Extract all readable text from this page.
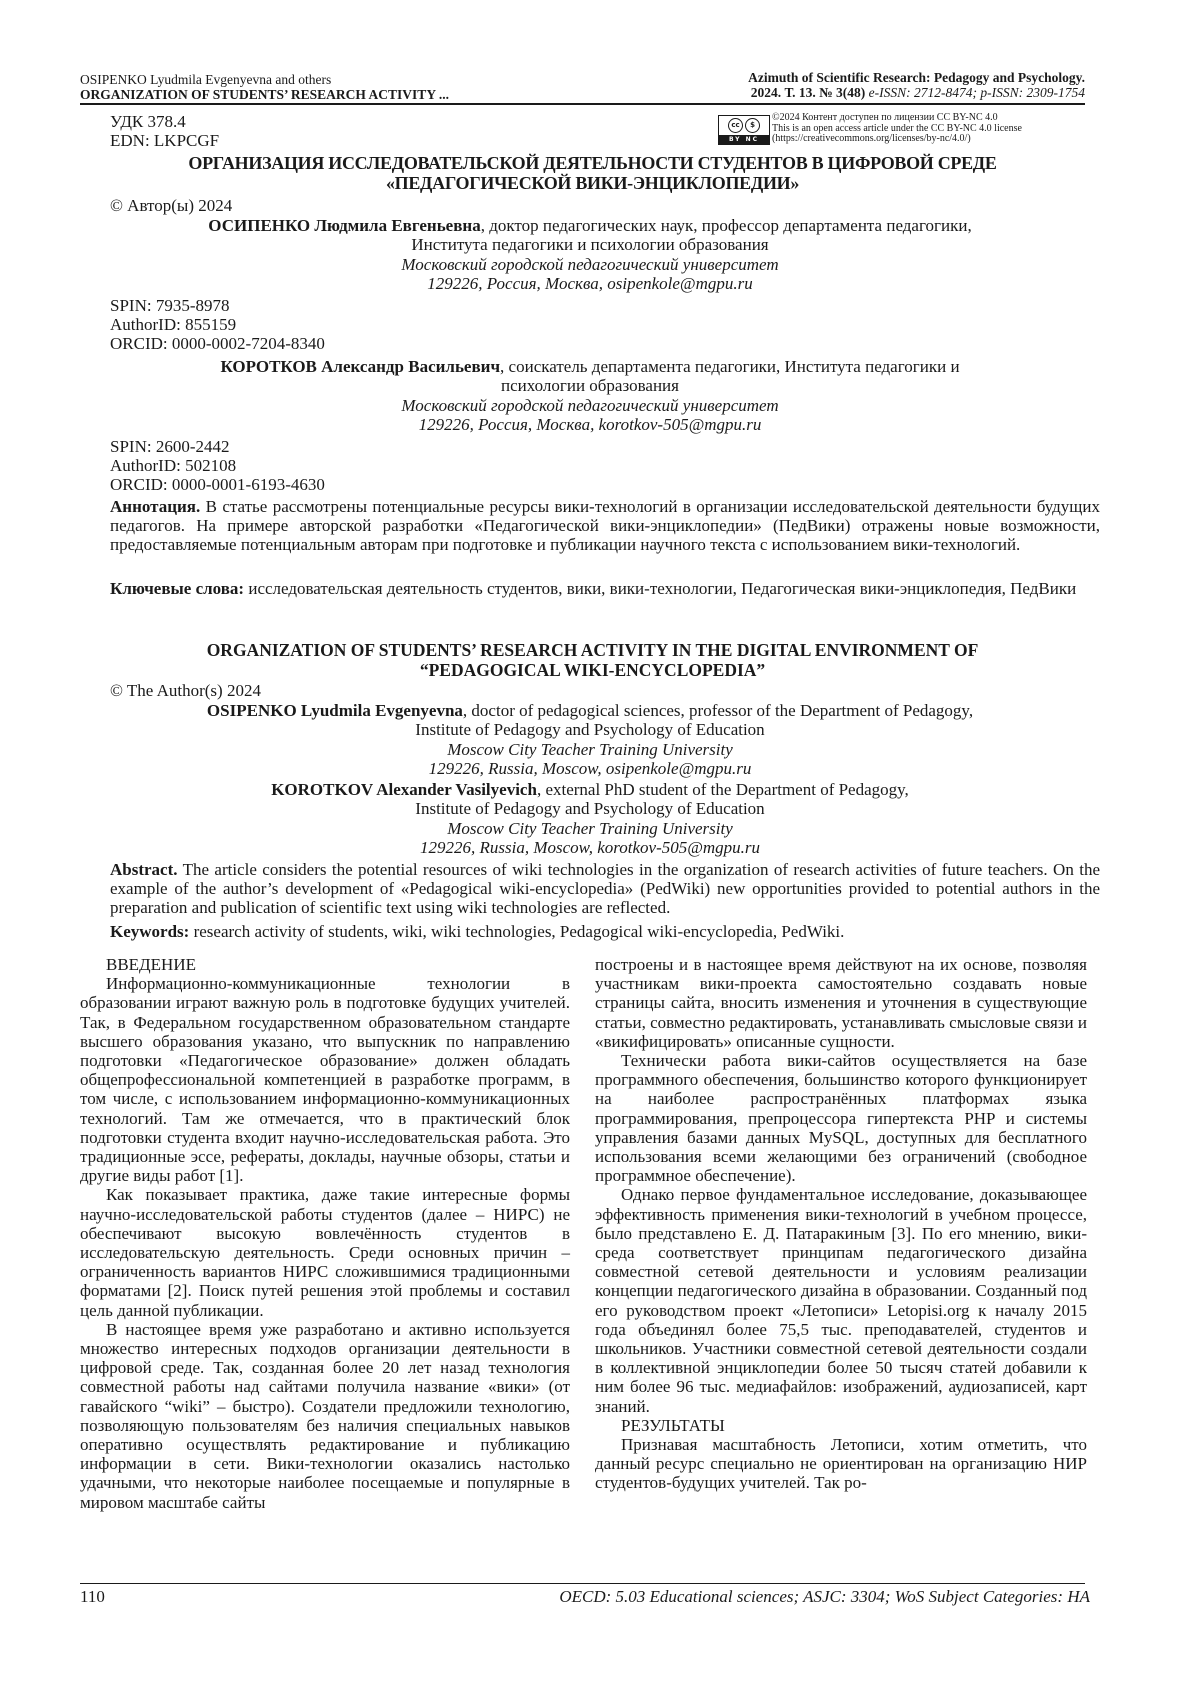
OSIPENKO Lyudmila Evgenyevna and others
ORGANIZATION OF STUDENTS’ RESEARCH ACTIVITY ...
Azimuth of Scientific Research: Pedagogy and Psychology.
2024. Т. 13. № 3(48) e-ISSN: 2712-8474; p-ISSN: 2309-1754
УДК 378.4
EDN: LKPCGF
cc	$
BY NC
©2024 Контент доступен по лицензии CC BY-NC 4.0
This is an open access article under the CC BY-NC 4.0 license
(https://creativecommons.org/licenses/by-nc/4.0/)
ОРГАНИЗАЦИЯ ИССЛЕДОВАТЕЛЬСКОЙ ДЕЯТЕЛЬНОСТИ СТУДЕНТОВ В ЦИФРОВОЙ СРЕДЕ
«ПЕДАГОГИЧЕСКОЙ ВИКИ-ЭНЦИКЛОПЕДИИ»
© Автор(ы) 2024
ОСИПЕНКО Людмила Евгеньевна, доктор педагогических наук, профессор департамента педагогики,
Института педагогики и психологии образования
Московский городской педагогический университет
129226, Россия, Москва, osipenkole@mgpu.ru
SPIN: 7935-8978
AuthorID: 855159
ORCID: 0000-0002-7204-8340
КОРОТКОВ Александр Васильевич, соискатель департамента педагогики, Института педагогики и
психологии образования
Московский городской педагогический университет
129226, Россия, Москва, korotkov-505@mgpu.ru
SPIN: 2600-2442
AuthorID: 502108
ORCID: 0000-0001-6193-4630
Аннотация. В статье рассмотрены потенциальные ресурсы вики-технологий в организации исследовательской деятельности будущих педагогов. На примере авторской разработки «Педагогической вики-энциклопедии» (ПедВики) отражены новые возможности, предоставляемые потенциальным авторам при подготовке и публикации научного текста с использованием вики-технологий.
Ключевые слова: исследовательская деятельность студентов, вики, вики-технологии, Педагогическая вики-энциклопедия, ПедВики
ORGANIZATION OF STUDENTS’ RESEARCH ACTIVITY IN THE DIGITAL ENVIRONMENT OF
“PEDAGOGICAL WIKI-ENCYCLOPEDIA”
© The Author(s) 2024
OSIPENKO Lyudmila Evgenyevna, doctor of pedagogical sciences, professor of the Department of Pedagogy,
Institute of Pedagogy and Psychology of Education
Moscow City Teacher Training University
129226, Russia, Moscow, osipenkole@mgpu.ru
KOROTKOV Alexander Vasilyevich, external PhD student of the Department of Pedagogy,
Institute of Pedagogy and Psychology of Education
Moscow City Teacher Training University
129226, Russia, Moscow, korotkov-505@mgpu.ru
Abstract. The article considers the potential resources of wiki technologies in the organization of research activities of future teachers. On the example of the author’s development of «Pedagogical wiki-encyclopedia» (PedWiki) new opportunities provided to potential authors in the preparation and publication of scientific text using wiki technologies are reflected.
Keywords: research activity of students, wiki, wiki technologies, Pedagogical wiki-encyclopedia, PedWiki.

ВВЕДЕНИЕ

Информационно-коммуникационные технологии в образовании играют важную роль в подготовке будущих учителей. Так, в Федеральном государственном образовательном стандарте высшего образования указано, что выпускник по направлению подготовки «Педагогическое образование» должен обладать общепрофессиональной компетенцией в разработке программ, в том числе, с использованием информационно-коммуникационных технологий. Там же отмечается, что в практический блок подготовки студента входит научно-исследовательская работа. Это традиционные эссе, рефераты, доклады, научные обзоры, статьи и другие виды работ [1].

Как показывает практика, даже такие интересные формы научно-исследовательской работы студентов (далее – НИРС) не обеспечивают высокую вовлечённость студентов в исследовательскую деятельность. Среди основных причин – ограниченность вариантов НИРС сложившимися традиционными форматами [2]. Поиск путей решения этой проблемы и составил цель данной публикации.

В настоящее время уже разработано и активно используется множество интересных подходов организации деятельности в цифровой среде. Так, созданная более 20 лет назад технология совместной работы над сайтами получила название «вики» (от гавайского “wiki” – быстро). Создатели предложили технологию, позволяющую пользователям без наличия специальных навыков оперативно осуществлять редактирование и публикацию информации в сети. Вики-технологии оказались настолько удачными, что некоторые наиболее посещаемые и популярные в мировом масштабе сайты

построены и в настоящее время действуют на их основе, позволяя участникам вики-проекта самостоятельно создавать новые страницы сайта, вносить изменения и уточнения в существующие статьи, совместно редактировать, устанавливать смысловые связи и «викифицировать» описанные сущности.

Технически работа вики-сайтов осуществляется на базе программного обеспечения, большинство которого функционирует на наиболее распространённых платформах языка программирования, препроцессора гипертекста PHP и системы управления базами данных MySQL, доступных для бесплатного использования всеми желающими без ограничений (свободное программное обеспечение).

Однако первое фундаментальное исследование, доказывающее эффективность применения вики-технологий в учебном процессе, было представлено Е. Д. Патаракиным [3]. По его мнению, вики-среда соответствует принципам педагогического дизайна совместной сетевой деятельности и условиям реализации концепции педагогического дизайна в образовании. Созданный под его руководством проект «Летописи» Letopisi.org к началу 2015 года объединял более 75,5 тыс. преподавателей, студентов и школьников. Участники совместной сетевой деятельности создали в коллективной энциклопедии более 50 тысяч статей добавили к ним более 96 тыс. медиафайлов: изображений, аудиозаписей, карт знаний.

РЕЗУЛЬТАТЫ

Признавая масштабность Летописи, хотим отметить, что данный ресурс специально не ориентирован на организацию НИР студентов-будущих учителей. Так ро-

110	OECD: 5.03 Educational sciences; ASJC: 3304; WoS Subject Categories: HA
